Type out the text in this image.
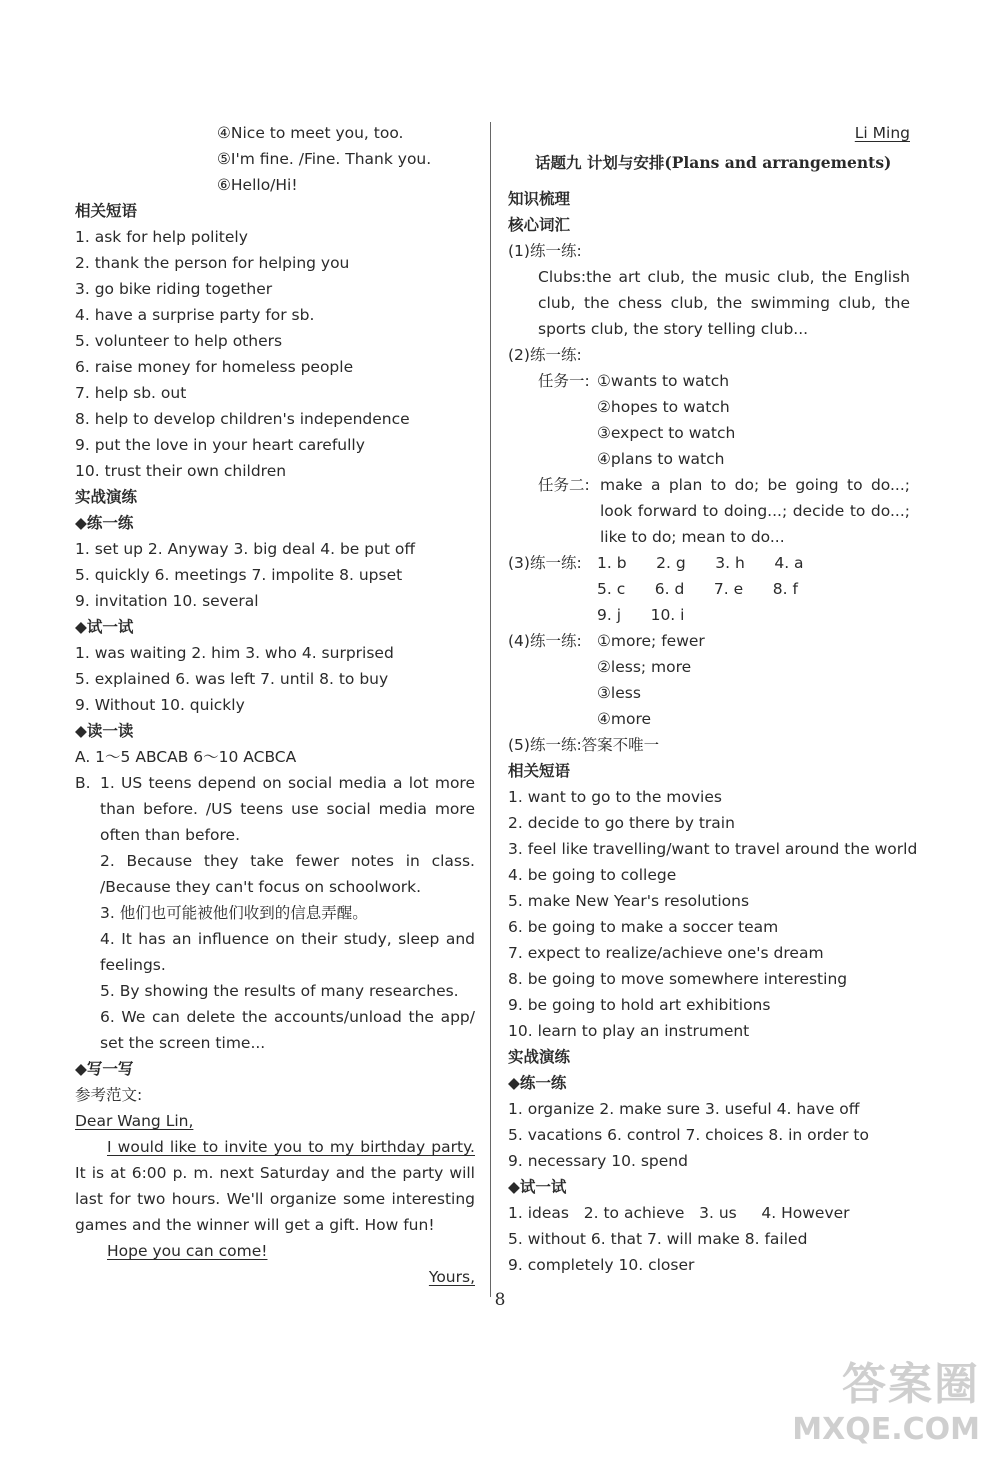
④Nice to meet you, too.
⑤I'm fine. /Fine. Thank you.
⑥Hello/Hi!
相关短语
1. ask for help politely
2. thank the person for helping you
3. go bike riding together
4. have a surprise party for sb.
5. volunteer to help others
6. raise money for homeless people
7. help sb. out
8. help to develop children's independence
9. put the love in your heart carefully
10. trust their own children
实战演练
◆练一练
1. set up 2. Anyway 3. big deal 4. be put off
5. quickly 6. meetings 7. impolite 8. upset
9. invitation 10. several
◆试一试
1. was waiting 2. him 3. who 4. surprised
5. explained 6. was left 7. until 8. to buy
9. Without 10. quickly
◆读一读
A. 1～5 ABCAB 6～10 ACBCA
B. 1. US teens depend on social media a lot more than before. /US teens use social media more often than before.
2. Because they take fewer notes in class. /Because they can't focus on schoolwork.
3. 他们也可能被他们收到的信息弄醒。
4. It has an influence on their study, sleep and feelings.
5. By showing the results of many researches.
6. We can delete the accounts/unload the app/ set the screen time...
◆写一写
参考范文:
Dear Wang Lin,
I would like to invite you to my birthday party. It is at 6:00 p. m. next Saturday and the party will last for two hours. We'll organize some interesting games and the winner will get a gift. How fun!
Hope you can come!
Yours,
Li Ming
话题九 计划与安排(Plans and arrangements)
知识梳理
核心词汇
(1)练一练:
Clubs:the art club, the music club, the English club, the chess club, the swimming club, the sports club, the story telling club...
(2)练一练:
任务一: ①wants to watch
②hopes to watch
③expect to watch
④plans to watch
任务二: make a plan to do; be going to do...; look forward to doing...; decide to do...; like to do; mean to do...
(3)练一练: 1. b      2. g      3. h      4. a
5. c      6. d      7. e      8. f
9. j      10. i
(4)练一练: ①more; fewer
②less; more
③less
④more
(5)练一练:答案不唯一
相关短语
1. want to go to the movies
2. decide to go there by train
3. feel like travelling/want to travel around the world
4. be going to college
5. make New Year's resolutions
6. be going to make a soccer team
7. expect to realize/achieve one's dream
8. be going to move somewhere interesting
9. be going to hold art exhibitions
10. learn to play an instrument
实战演练
◆练一练
1. organize 2. make sure 3. useful 4. have off
5. vacations 6. control 7. choices 8. in order to
9. necessary 10. spend
◆试一试
1. ideas   2. to achieve   3. us     4. However
5. without 6. that 7. will make 8. failed
9. completely 10. closer
8
答案圈
MXQE.COM
